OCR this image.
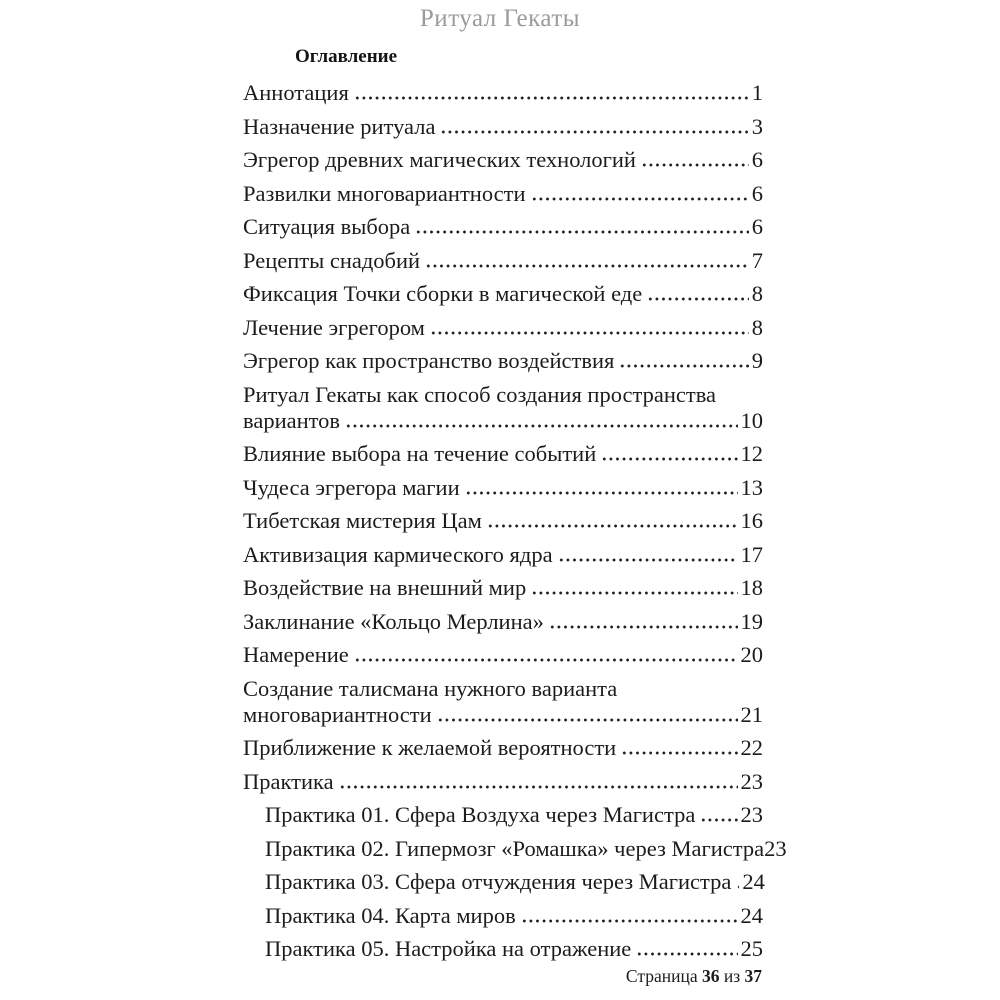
Ритуал Гекаты
Оглавление
Аннотация	1
Назначение ритуала	3
Эгрегор древних магических технологий	6
Развилки многовариантности	6
Ситуация выбора	6
Рецепты снадобий	7
Фиксация Точки сборки в магической еде	8
Лечение эгрегором	8
Эгрегор как пространство воздействия	9
Ритуал Гекаты как способ создания пространства
вариантов	10
Влияние выбора на течение событий	12
Чудеса эгрегора магии	13
Тибетская мистерия Цам	16
Активизация кармического ядра	17
Воздействие на внешний мир	18
Заклинание «Кольцо Мерлина»	19
Намерение	20
Создание талисмана нужного варианта
многовариантности	21
Приближение к желаемой вероятности	22
Практика	23
Практика 01. Сфера Воздуха через Магистра 23
Практика 02. Гипермозг «Ромашка» через Магистра 23
Практика 03. Сфера отчуждения через Магистра 24
Практика 04. Карта миров	24
Практика 05. Настройка на отражение	25
Страница 36 из 37
